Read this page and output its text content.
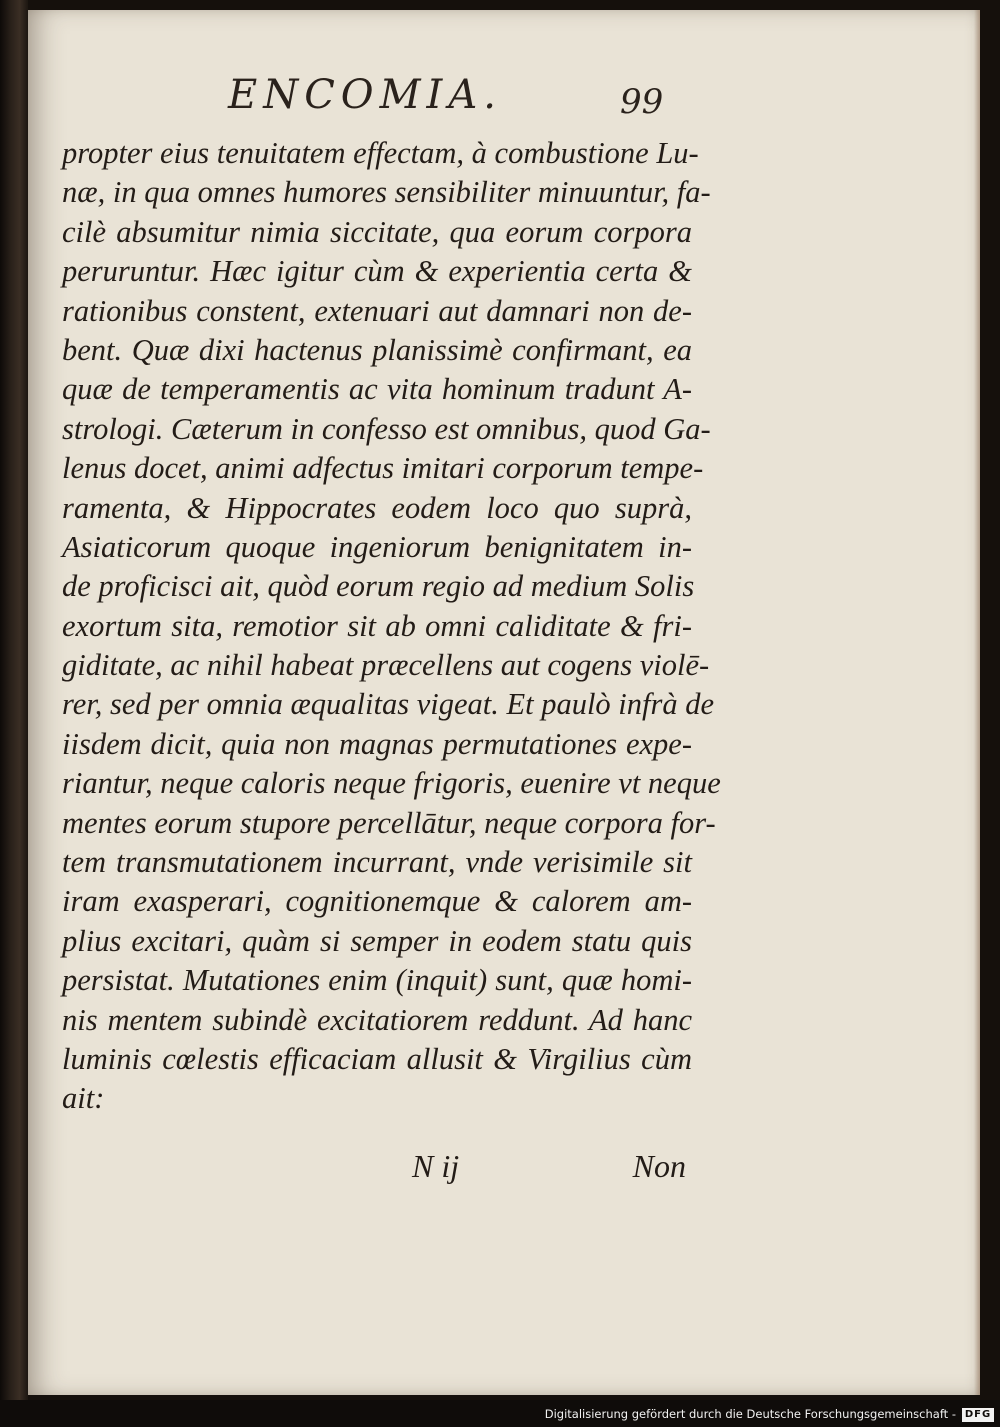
ENCOMIA.	99
propter eius tenuitatem effectam, à combustione Lu-
næ, in qua omnes humores sensibiliter minuuntur, fa-
cilè absumitur nimia siccitate, qua eorum corpora
peruruntur. Hæc igitur cùm & experientia certa &
rationibus constent, extenuari aut damnari non de-
bent. Quæ dixi hactenus planissimè confirmant, ea
quæ de temperamentis ac vita hominum tradunt A-
strologi. Cæterum in confesso est omnibus, quod Ga-
lenus docet, animi adfectus imitari corporum tempe-
ramenta, & Hippocrates eodem loco quo suprà,
Asiaticorum quoque ingeniorum benignitatem in-
de proficisci ait, quòd eorum regio ad medium Solis
exortum sita, remotior sit ab omni caliditate & fri-
giditate, ac nihil habeat præcellens aut cogens violē-
rer, sed per omnia æqualitas vigeat. Et paulò infrà de
iisdem dicit, quia non magnas permutationes expe-
riantur, neque caloris neque frigoris, euenire vt neque
mentes eorum stupore percellātur, neque corpora for-
tem transmutationem incurrant, vnde verisimile sit
iram exasperari, cognitionemque & calorem am-
plius excitari, quàm si semper in eodem statu quis
persistat. Mutationes enim (inquit) sunt, quæ homi-
nis mentem subindè excitatiorem reddunt. Ad hanc
luminis cœlestis efficaciam allusit & Virgilius cùm
ait:
N ij	Non
Digitalisierung gefördert durch die Deutsche Forschungsgemeinschaft - DFG
